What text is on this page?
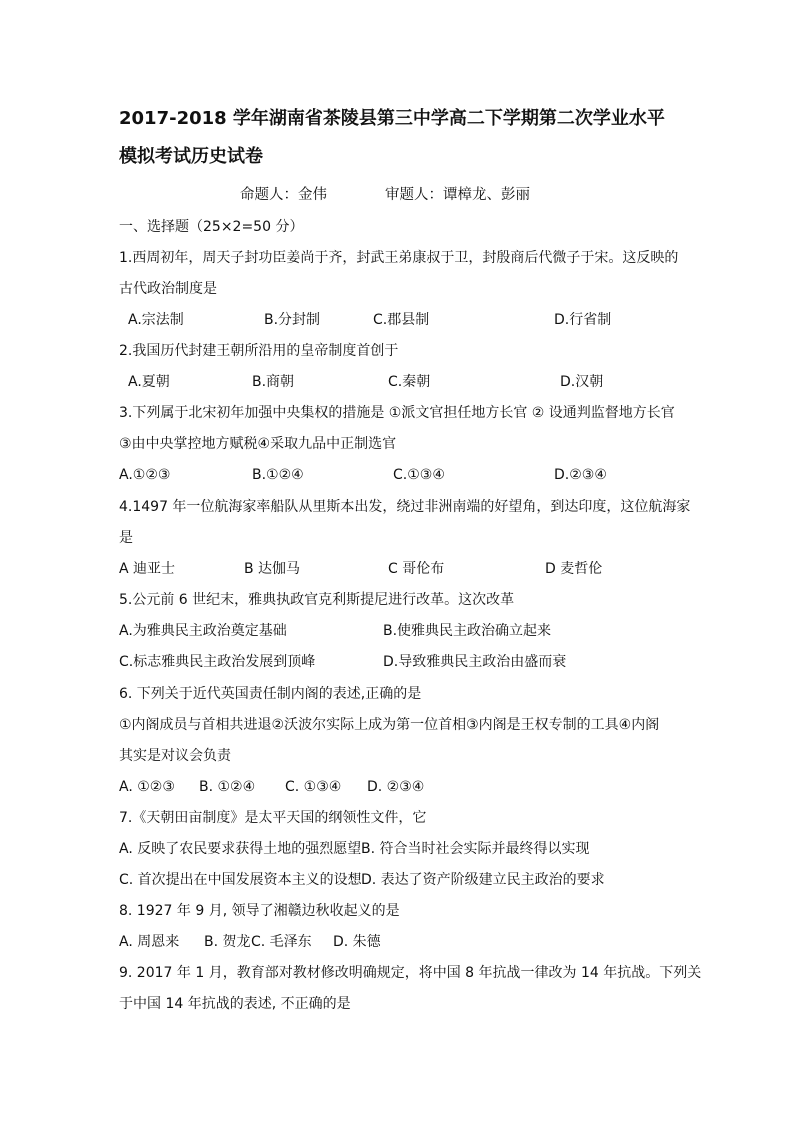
2017-2018 学年湖南省茶陵县第三中学高二下学期第二次学业水平
模拟考试历史试卷
命题人：金伟	审题人：谭樟龙、彭丽
一、选择题（25×2=50 分）
1.西周初年，周天子封功臣姜尚于齐，封武王弟康叔于卫，封殷商后代微子于宋。这反映的
古代政治制度是
A.宗法制	B.分封制	C.郡县制	D.行省制
2.我国历代封建王朝所沿用的皇帝制度首创于
A.夏朝	B.商朝	C.秦朝	D.汉朝
3.下列属于北宋初年加强中央集权的措施是 ①派文官担任地方长官 ② 设通判监督地方长官
③由中央掌控地方赋税④采取九品中正制选官
A.①②③	B.①②④	C.①③④	D.②③④
4.1497 年一位航海家率船队从里斯本出发，绕过非洲南端的好望角，到达印度，这位航海家
是
A 迪亚士	B 达伽马	C 哥伦布	D 麦哲伦
5.公元前 6 世纪末，雅典执政官克利斯提尼进行改革。这次改革
A.为雅典民主政治奠定基础	B.使雅典民主政治确立起来
C.标志雅典民主政治发展到顶峰	D.导致雅典民主政治由盛而衰
6. 下列关于近代英国责任制内阁的表述,正确的是
①内阁成员与首相共进退②沃波尔实际上成为第一位首相③内阁是王权专制的工具④内阁
其实是对议会负责
A. ①②③ B. ①②④ C. ①③④ D. ②③④
7.《天朝田亩制度》是太平天国的纲领性文件，它
A. 反映了农民要求获得土地的强烈愿望 B. 符合当时社会实际并最终得以实现
C. 首次提出在中国发展资本主义的设想 D. 表达了资产阶级建立民主政治的要求
8. 1927 年 9 月, 领导了湘赣边秋收起义的是
A. 周恩来 B. 贺龙 C. 毛泽东 D. 朱德
9. 2017 年 1 月，教育部对教材修改明确规定，将中国 8 年抗战一律改为 14 年抗战。下列关
于中国 14 年抗战的表述, 不正确的是
